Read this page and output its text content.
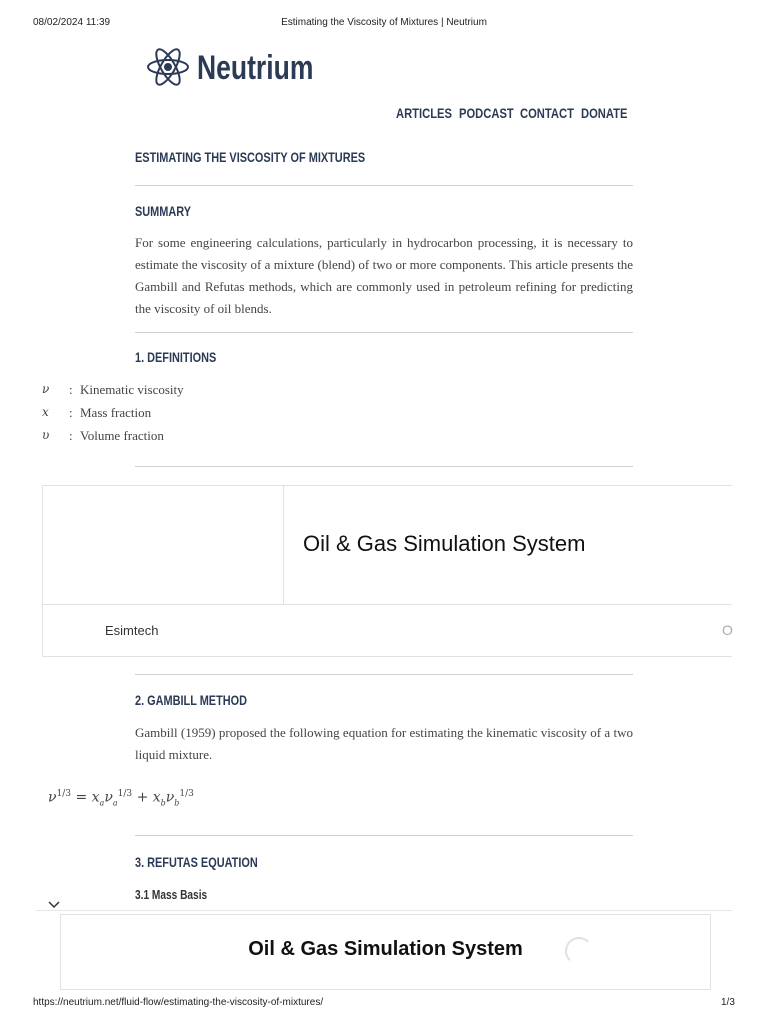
08/02/2024 11:39	Estimating the Viscosity of Mixtures | Neutrium
Neutrium
ARTICLES PODCAST CONTACT DONATE
ESTIMATING THE VISCOSITY OF MIXTURES
SUMMARY
For some engineering calculations, particularly in hydrocarbon processing, it is necessary to estimate the viscosity of a mixture (blend) of two or more components. This article presents the Gambill and Refutas methods, which are commonly used in petroleum refining for predicting the viscosity of oil blends.
1. DEFINITIONS
ν : Kinematic viscosity
x : Mass fraction
υ : Volume fraction
Oil & Gas Simulation System
Esimtech	O
2. GAMBILL METHOD
Gambill (1959) proposed the following equation for estimating the kinematic viscosity of a two liquid mixture.
$\nu^{1/3} = x_a\nu_a^{1/3} + x_b\nu_b^{1/3}$
3. REFUTAS EQUATION
3.1 Mass Basis
Oil & Gas Simulation System
https://neutrium.net/fluid-flow/estimating-the-viscosity-of-mixtures/	1/3
